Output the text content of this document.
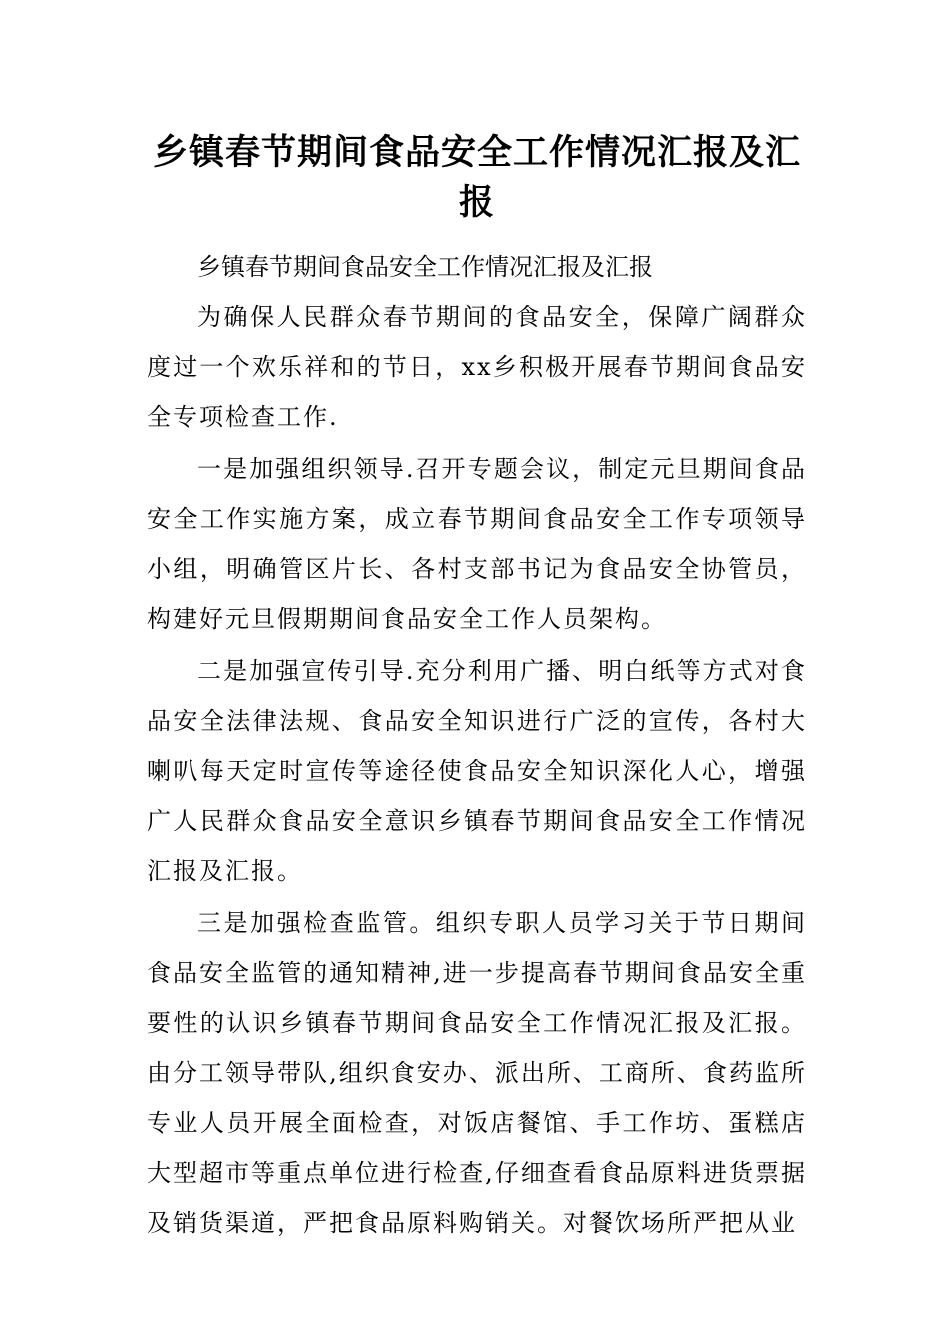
乡镇春节期间食品安全工作情况汇报及汇报

乡镇春节期间食品安全工作情况汇报及汇报

为确保人民群众春节期间的食品安全，保障广阔群众度过一个欢乐祥和的节日，xx乡积极开展春节期间食品安全专项检查工作.

一是加强组织领导.召开专题会议，制定元旦期间食品安全工作实施方案，成立春节期间食品安全工作专项领导小组，明确管区片长、各村支部书记为食品安全协管员，构建好元旦假期期间食品安全工作人员架构。

二是加强宣传引导.充分利用广播、明白纸等方式对食品安全法律法规、食品安全知识进行广泛的宣传，各村大喇叭每天定时宣传等途径使食品安全知识深化人心，增强广人民群众食品安全意识乡镇春节期间食品安全工作情况汇报及汇报。

三是加强检查监管。组织专职人员学习关于节日期间食品安全监管的通知精神,进一步提高春节期间食品安全重要性的认识乡镇春节期间食品安全工作情况汇报及汇报。由分工领导带队,组织食安办、派出所、工商所、食药监所专业人员开展全面检查，对饭店餐馆、手工作坊、蛋糕店大型超市等重点单位进行检查,仔细查看食品原料进货票据及销货渠道，严把食品原料购销关。对餐饮场所严把从业
